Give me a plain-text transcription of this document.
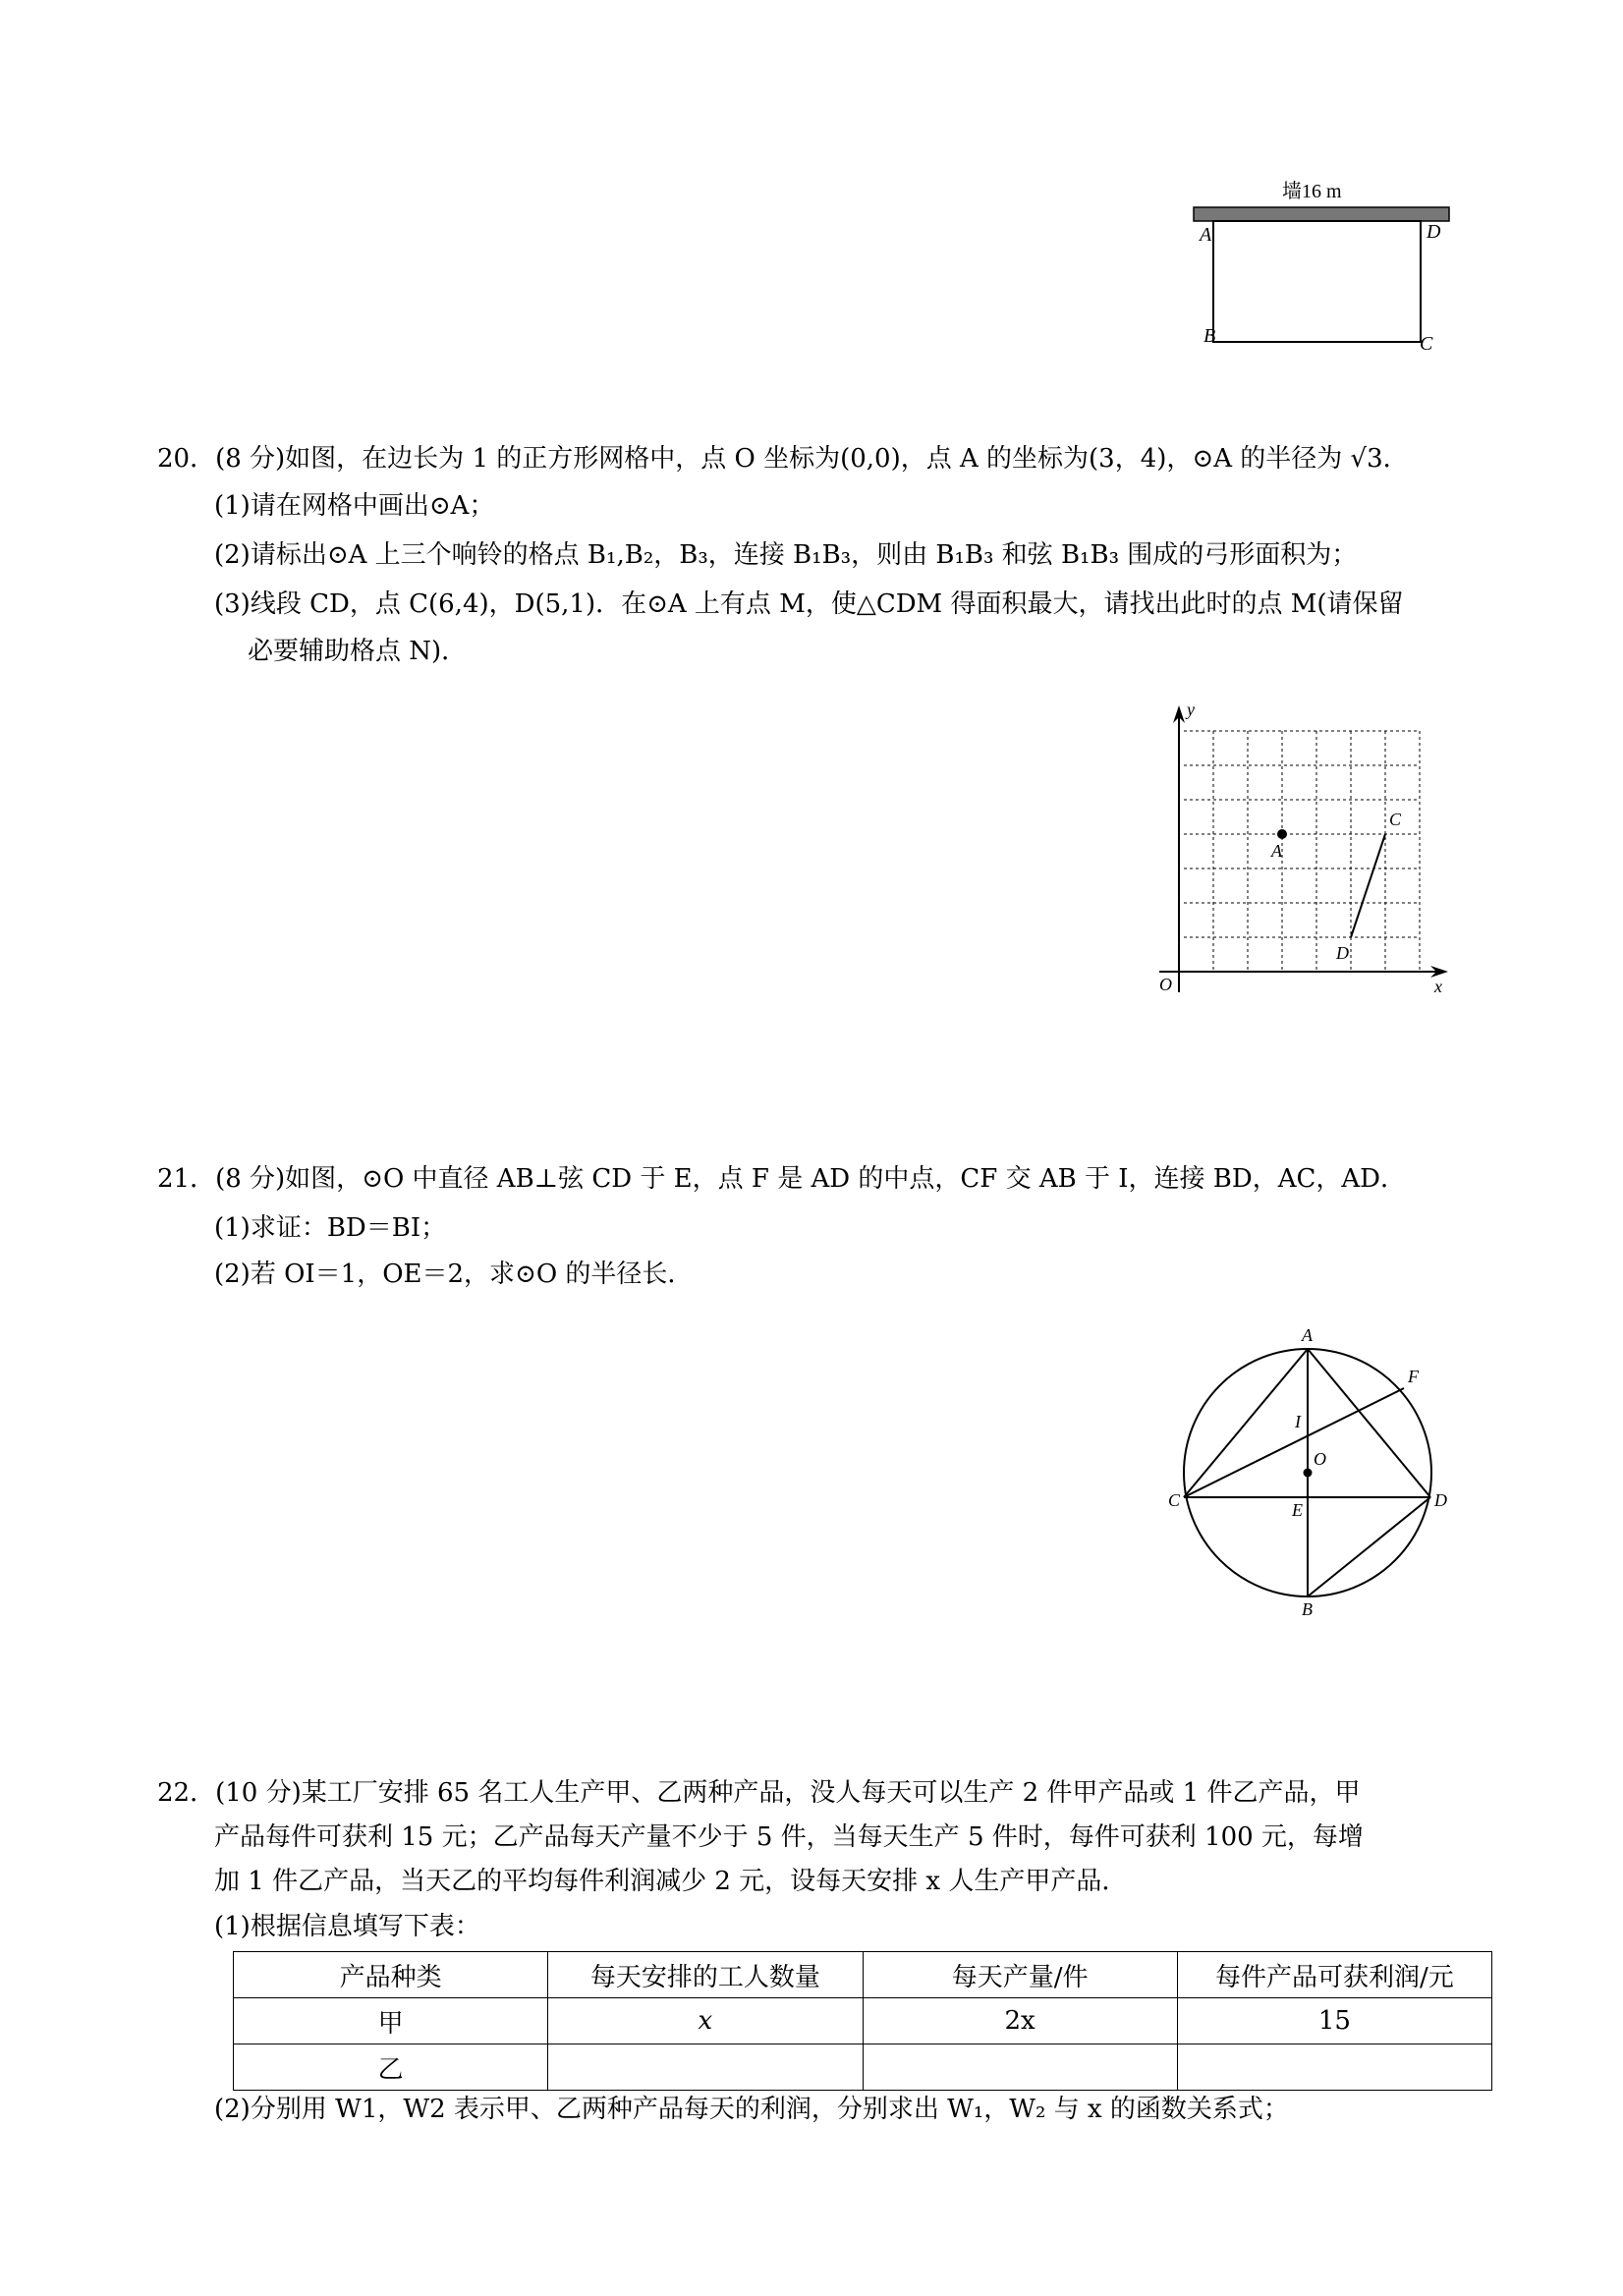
墙16 m
A	D
B	C
20．(8 分)如图，在边长为 1 的正方形网格中，点 O 坐标为(0,0)，点 A 的坐标为(3，4)，⊙A 的半径为 √3．
(1)请在网格中画出⊙A；
(2)请标出⊙A 上三个响铃的格点 B₁,B₂，B₃，连接 B₁B₃，则由 B₁B₃ 和弦 B₁B₃ 围成的弓形面积为；
(3)线段 CD，点 C(6,4)，D(5,1)．在⊙A 上有点 M，使△CDM 得面积最大，请找出此时的点 M(请保留
必要辅助格点 N)．
y
x
O
A
C
D
21．(8 分)如图，⊙O 中直径 AB⊥弦 CD 于 E，点 F 是 AD 的中点，CF 交 AB 于 I，连接 BD，AC，AD．
(1)求证：BD＝BI；
(2)若 OI＝1，OE＝2，求⊙O 的半径长．
A
B
C	D
E
F
I
O
22．(10 分)某工厂安排 65 名工人生产甲、乙两种产品，没人每天可以生产 2 件甲产品或 1 件乙产品，甲
产品每件可获利 15 元；乙产品每天产量不少于 5 件，当每天生产 5 件时，每件可获利 100 元，每增
加 1 件乙产品，当天乙的平均每件利润减少 2 元，设每天安排 x 人生产甲产品．
(1)根据信息填写下表：
产品种类	每天安排的工人数量	每天产量/件	每件产品可获利润/元
甲	x	2x	15
乙			
(2)分别用 W1，W2 表示甲、乙两种产品每天的利润，分别求出 W₁，W₂ 与 x 的函数关系式；
